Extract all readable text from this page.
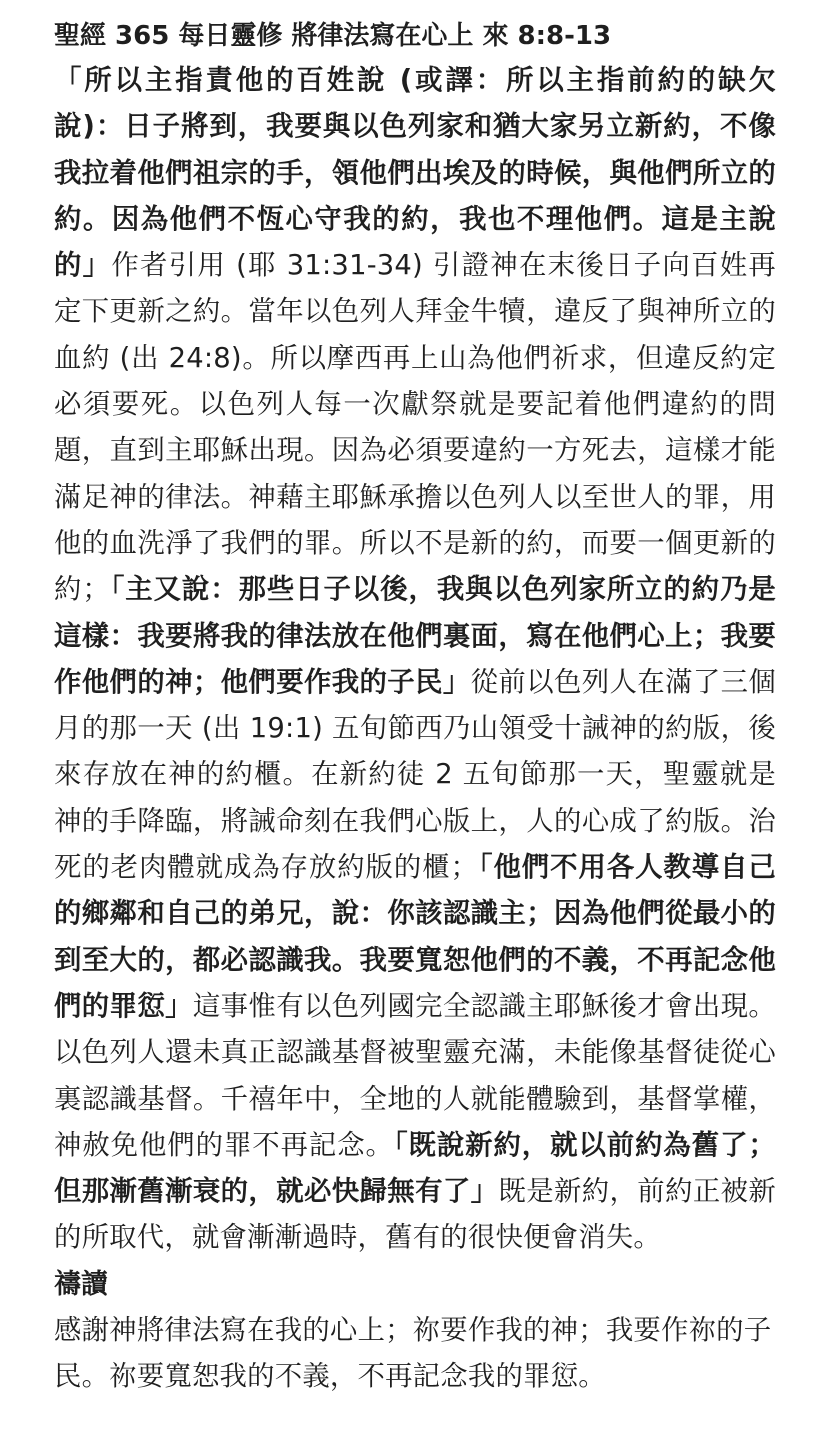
聖經 365 每日靈修 將律法寫在心上 來 8:8-13

「所以主指責他的百姓說 (或譯：所以主指前約的缺欠說)：日子將到，我要與以色列家和猶大家另立新約，不像我拉着他們祖宗的手，領他們出埃及的時候，與他們所立的約。因為他們不恆心守我的約，我也不理他們。這是主說的」作者引用 (耶 31:31-34) 引證神在末後日子向百姓再定下更新之約。當年以色列人拜金牛犢，違反了與神所立的血約 (出 24:8)。所以摩西再上山為他們祈求，但違反約定必須要死。以色列人每一次獻祭就是要記着他們違約的問題，直到主耶穌出現。因為必須要違約一方死去，這樣才能滿足神的律法。神藉主耶穌承擔以色列人以至世人的罪，用他的血洗淨了我們的罪。所以不是新的約，而要一個更新的約；「主又說：那些日子以後，我與以色列家所立的約乃是這樣：我要將我的律法放在他們裏面，寫在他們心上；我要作他們的神；他們要作我的子民」從前以色列人在滿了三個月的那一天 (出 19:1) 五旬節西乃山領受十誡神的約版，後來存放在神的約櫃。在新約徒 2 五旬節那一天，聖靈就是神的手降臨，將誡命刻在我們心版上，人的心成了約版。治死的老肉體就成為存放約版的櫃；「他們不用各人教導自己的鄉鄰和自己的弟兄，說：你該認識主；因為他們從最小的到至大的，都必認識我。我要寬恕他們的不義，不再記念他們的罪愆」這事惟有以色列國完全認識主耶穌後才會出現。以色列人還未真正認識基督被聖靈充滿，未能像基督徒從心裏認識基督。千禧年中，全地的人就能體驗到，基督掌權，神赦免他們的罪不再記念。「既說新約，就以前約為舊了；但那漸舊漸衰的，就必快歸無有了」既是新約，前約正被新的所取代，就會漸漸過時，舊有的很快便會消失。

禱讀

感謝神將律法寫在我的心上；祢要作我的神；我要作祢的子民。祢要寬恕我的不義，不再記念我的罪愆。
